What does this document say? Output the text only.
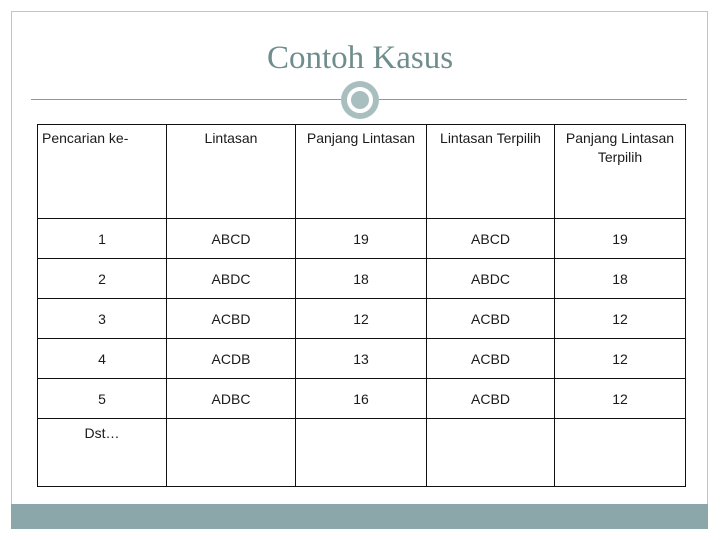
Contoh Kasus
Pencarian ke-	Lintasan	Panjang Lintasan	Lintasan Terpilih	Panjang Lintasan Terpilih
1	ABCD	19	ABCD	19
2	ABDC	18	ABDC	18
3	ACBD	12	ACBD	12
4	ACDB	13	ACBD	12
5	ADBC	16	ACBD	12
Dst…				
